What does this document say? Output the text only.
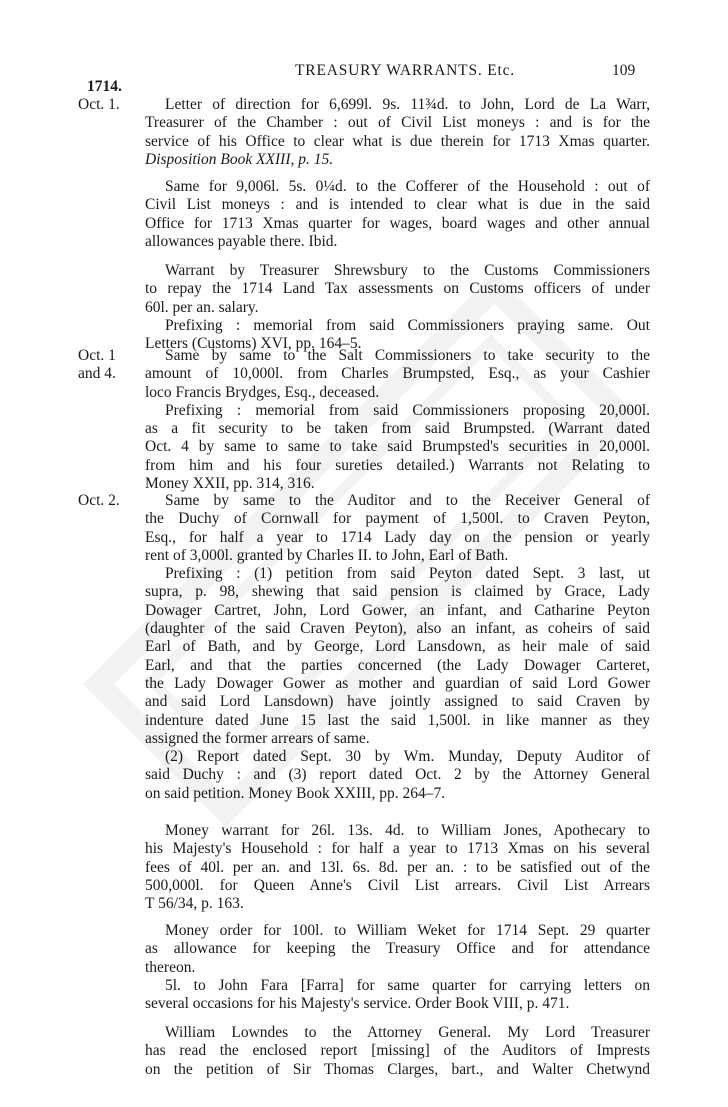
1714.
TREASURY WARRANTS. Etc.	109
Oct. 1.
Oct. 1
and 4.
Oct. 2.
Letter of direction for 6,699l. 9s. 11¾d. to John, Lord de La Warr,
Treasurer of the Chamber : out of Civil List moneys : and is for the
service of his Office to clear what is due therein for 1713 Xmas quarter.
Disposition Book XXIII, p. 15.
Same for 9,006l. 5s. 0¼d. to the Cofferer of the Household : out of
Civil List moneys : and is intended to clear what is due in the said
Office for 1713 Xmas quarter for wages, board wages and other annual
allowances payable there. Ibid.
Warrant by Treasurer Shrewsbury to the Customs Commissioners
to repay the 1714 Land Tax assessments on Customs officers of under
60l. per an. salary.
Prefixing : memorial from said Commissioners praying same. Out
Letters (Customs) XVI, pp. 164–5.
Same by same to the Salt Commissioners to take security to the
amount of 10,000l. from Charles Brumpsted, Esq., as your Cashier
loco Francis Brydges, Esq., deceased.
Prefixing : memorial from said Commissioners proposing 20,000l.
as a fit security to be taken from said Brumpsted. (Warrant dated
Oct. 4 by same to same to take said Brumpsted's securities in 20,000l.
from him and his four sureties detailed.) Warrants not Relating to
Money XXII, pp. 314, 316.
Same by same to the Auditor and to the Receiver General of
the Duchy of Cornwall for payment of 1,500l. to Craven Peyton,
Esq., for half a year to 1714 Lady day on the pension or yearly
rent of 3,000l. granted by Charles II. to John, Earl of Bath.
Prefixing : (1) petition from said Peyton dated Sept. 3 last, ut
supra, p. 98, shewing that said pension is claimed by Grace, Lady
Dowager Cartret, John, Lord Gower, an infant, and Catharine Peyton
(daughter of the said Craven Peyton), also an infant, as coheirs of said
Earl of Bath, and by George, Lord Lansdown, as heir male of said
Earl, and that the parties concerned (the Lady Dowager Carteret,
the Lady Dowager Gower as mother and guardian of said Lord Gower
and said Lord Lansdown) have jointly assigned to said Craven by
indenture dated June 15 last the said 1,500l. in like manner as they
assigned the former arrears of same.
(2) Report dated Sept. 30 by Wm. Munday, Deputy Auditor of
said Duchy : and (3) report dated Oct. 2 by the Attorney General
on said petition. Money Book XXIII, pp. 264–7.
Money warrant for 26l. 13s. 4d. to William Jones, Apothecary to
his Majesty's Household : for half a year to 1713 Xmas on his several
fees of 40l. per an. and 13l. 6s. 8d. per an. : to be satisfied out of the
500,000l. for Queen Anne's Civil List arrears. Civil List Arrears
T 56/34, p. 163.
Money order for 100l. to William Weket for 1714 Sept. 29 quarter
as allowance for keeping the Treasury Office and for attendance
thereon.
5l. to John Fara [Farra] for same quarter for carrying letters on
several occasions for his Majesty's service. Order Book VIII, p. 471.
William Lowndes to the Attorney General. My Lord Treasurer
has read the enclosed report [missing] of the Auditors of Imprests
on the petition of Sir Thomas Clarges, bart., and Walter Chetwynd
